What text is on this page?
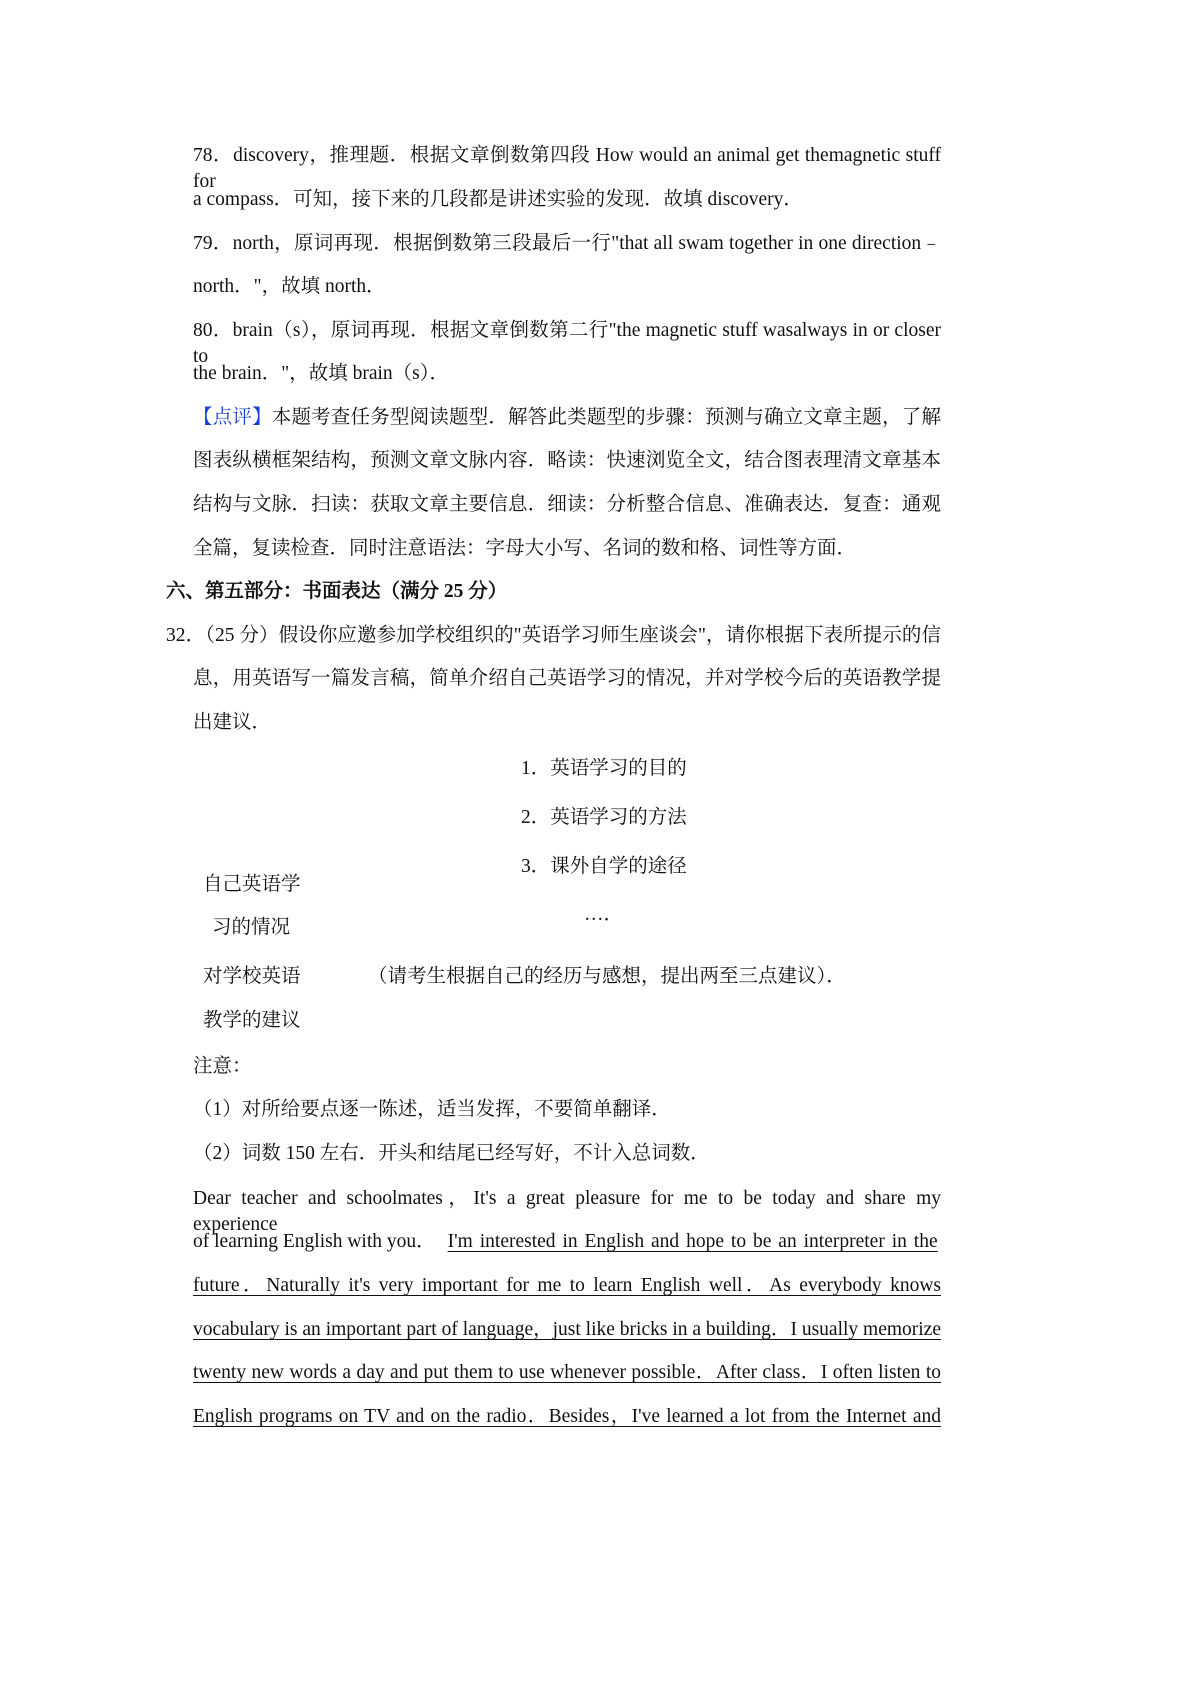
78．discovery，推理题．根据文章倒数第四段 How would an animal get themagnetic stuff for
a compass．可知，接下来的几段都是讲述实验的发现．故填 discovery．
79．north，原词再现．根据倒数第三段最后一行"that all swam together in one direction﹣
north．"，故填 north．
80．brain（s），原词再现．根据文章倒数第二行"the magnetic stuff wasalways in or closer to
the brain．"，故填 brain（s）．
【点评】本题考查任务型阅读题型．解答此类题型的步骤：预测与确立文章主题，了解
图表纵横框架结构，预测文章文脉内容．略读：快速浏览全文，结合图表理清文章基本
结构与文脉．扫读：获取文章主要信息．细读：分析整合信息、准确表达．复查：通观
全篇，复读检查．同时注意语法：字母大小写、名词的数和格、词性等方面．
六、第五部分：书面表达（满分 25 分）
32．（25 分）假设你应邀参加学校组织的"英语学习师生座谈会"，请你根据下表所提示的信
息，用英语写一篇发言稿，简单介绍自己英语学习的情况，并对学校今后的英语教学提
出建议．
1．英语学习的目的
2．英语学习的方法
3．课外自学的途径
…．
自己英语学
习的情况
对学校英语
教学的建议
（请考生根据自己的经历与感想，提出两至三点建议）．
注意：
（1）对所给要点逐一陈述，适当发挥，不要简单翻译．
（2）词数 150 左右．开头和结尾已经写好，不计入总词数．
Dear teacher and schoolmates，It's a great pleasure for me to be today and share my experience
of learning English with you． I'm interested in English and hope to be an interpreter in the
future．Naturally it's very important for me to learn English well．As everybody knows
vocabulary is an important part of language，just like bricks in a building．I usually memorize
twenty new words a day and put them to use whenever possible．After class．I often listen to
English programs on TV and on the radio．Besides，I've learned a lot from the Internet and
